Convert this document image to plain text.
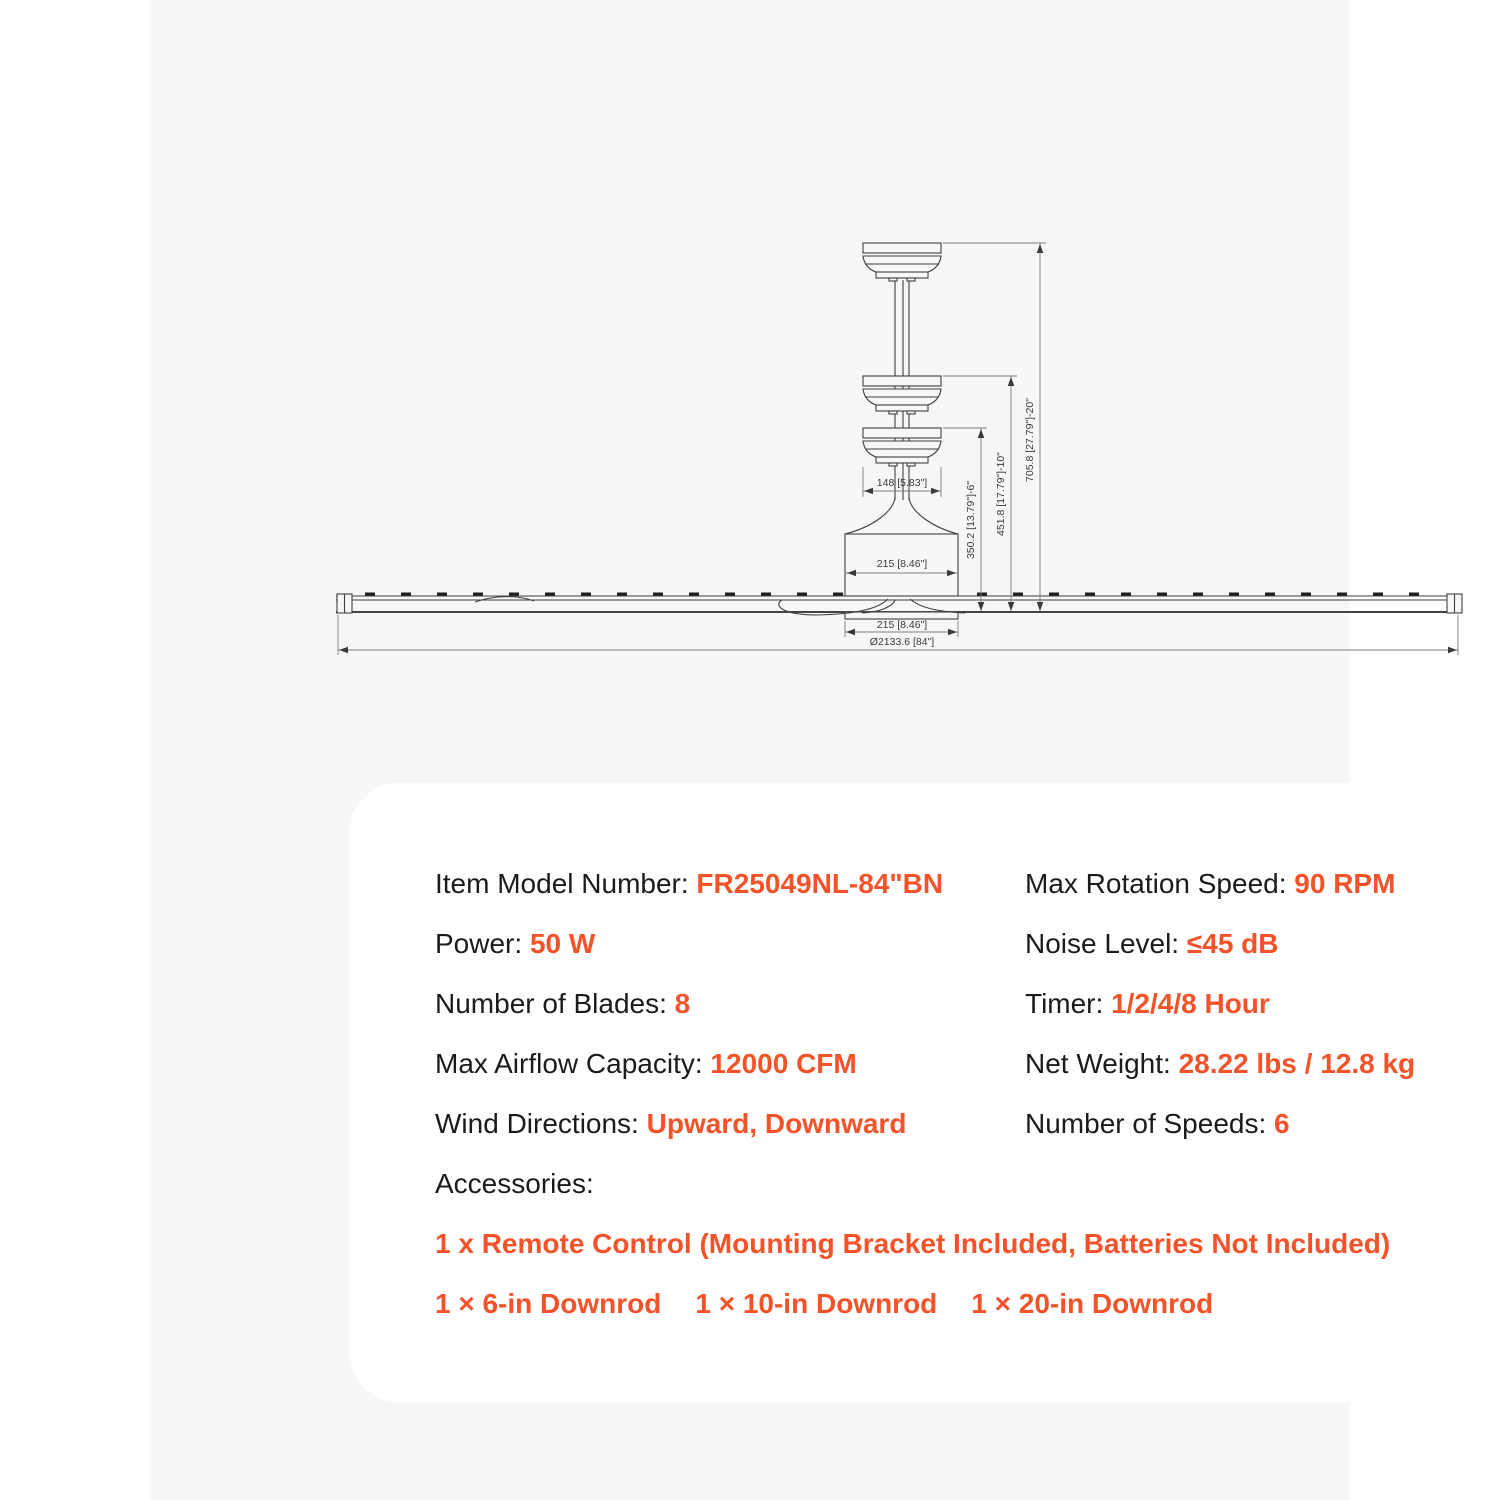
148 [5.83"]
215 [8.46"]
215 [8.46"]
Ø2133.6 [84"]
350.2 [13.79"]-6" 451.8 [17.79"]-10"
705.8 [27.79"]-20"
Item Model Number: FR25049NL-84"BN
Power: 50 W
Number of Blades: 8
Max Airflow Capacity: 12000 CFM
Wind Directions: Upward, Downward
Accessories:
Max Rotation Speed: 90 RPM
Noise Level: ≤45 dB
Timer: 1/2/4/8 Hour
Net Weight: 28.22 lbs / 12.8 kg
Number of Speeds: 6
1 x Remote Control (Mounting Bracket Included, Batteries Not Included)
1 × 6-in Downrod 1 × 10-in Downrod 1 × 20-in Downrod
